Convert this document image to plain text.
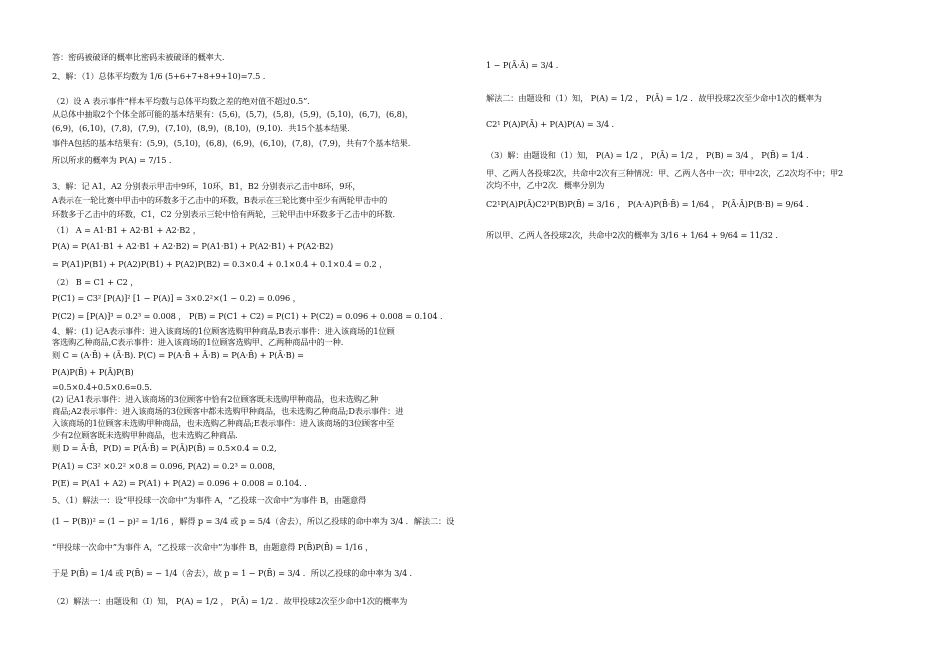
答：密码被破译的概率比密码未被破译的概率大.
2、解：（1）总体平均数为 1/6 (5+6+7+8+9+10)=7.5 .
（2）设 A 表示事件“样本平均数与总体平均数之差的绝对值不超过0.5”．
从总体中抽取2个个体全部可能的基本结果有：(5,6)，(5,7)，(5,8)，(5,9)，(5,10)，(6,7)，(6,8)，
(6,9)，(6,10)，(7,8)，(7,9)，(7,10)，(8,9)，(8,10)，(9,10)．共15个基本结果.
事件A包括的基本结果有：(5,9)，(5,10)，(6,8)，(6,9)，(6,10)，(7,8)，(7,9)，共有7个基本结果.
所以所求的概率为 P(A) = 7/15 .
3、解：记 A1，A2 分别表示甲击中9环，10环，B1，B2 分别表示乙击中8环，9环，
A表示在一轮比赛中甲击中的环数多于乙击中的环数，B表示在三轮比赛中至少有两轮甲击中的
环数多于乙击中的环数，C1，C2 分别表示三轮中恰有两轮，三轮甲击中环数多于乙击中的环数.
（1） A = A1·B1 + A2·B1 + A2·B2 ，
P(A) = P(A1·B1 + A2·B1 + A2·B2) = P(A1·B1) + P(A2·B1) + P(A2·B2)
= P(A1)P(B1) + P(A2)P(B1) + P(A2)P(B2) = 0.3×0.4 + 0.1×0.4 + 0.1×0.4 = 0.2 ，
（2） B = C1 + C2 ，
P(C1) = C3² [P(A)]² [1 − P(A)] = 3×0.2²×(1 − 0.2) = 0.096 ，
P(C2) = [P(A)]³ = 0.2³ = 0.008 ， P(B) = P(C1 + C2) = P(C1) + P(C2) = 0.096 + 0.008 = 0.104 ．
4、解：(1) 记A表示事件：进入该商场的1位顾客选购甲种商品,B表示事件：进入该商场的1位顾
客选购乙种商品,C表示事件：进入该商场的1位顾客选购甲、乙两种商品中的一种.
则 C = (A·B̄) + (Ā·B). P(C) = P(A·B̄ + Ā·B) = P(A·B̄) + P(Ā·B) =
P(A)P(B̄) + P(Ā)P(B)
=0.5×0.4+0.5×0.6=0.5.
(2) 记A1表示事件：进入该商场的3位顾客中恰有2位顾客既未选购甲种商品，也未选购乙种
商品;A2表示事件：进入该商场的3位顾客中都未选购甲种商品，也未选购乙种商品;D表示事件：进
入该商场的1位顾客未选购甲种商品，也未选购乙种商品;E表示事件：进入该商场的3位顾客中至
少有2位顾客既未选购甲种商品，也未选购乙种商品.
则 D = Ā·B̄，P(D) = P(Ā·B̄) = P(Ā)P(B̄) = 0.5×0.4 = 0.2,
P(A1) = C3² ×0.2² ×0.8 = 0.096, P(A2) = 0.2³ = 0.008,
P(E) = P(A1 + A2) = P(A1) + P(A2) = 0.096 + 0.008 = 0.104. .
5、（1）解法一：设“甲投球一次命中”为事件 A，“乙投球一次命中”为事件 B，由题意得
(1 − P(B))² = (1 − p)² = 1/16 ，解得 p = 3/4 或 p = 5/4（舍去），所以乙投球的命中率为 3/4 ．解法二：设
“甲投球一次命中”为事件 A，“乙投球一次命中”为事件 B，由题意得 P(B̄)P(B̄) = 1/16 ，
于是 P(B̄) = 1/4 或 P(B̄) = − 1/4（舍去），故 p = 1 − P(B̄) = 3/4 ．所以乙投球的命中率为 3/4 ．
（2）解法一：由题设和（Ⅰ）知， P(A) = 1/2 ， P(Ā) = 1/2 ．故甲投球2次至少命中1次的概率为
1 − P(Ā·Ā) = 3/4 .
解法二：由题设和（1）知， P(A) = 1/2 ， P(Ā) = 1/2 ．故甲投球2次至少命中1次的概率为
C2¹ P(A)P(Ā) + P(A)P(A) = 3/4 .
（3）解：由题设和（1）知， P(A) = 1/2 ， P(Ā) = 1/2 ， P(B) = 3/4 ， P(B̄) = 1/4 ．
甲、乙两人各投球2次，共命中2次有三种情况：甲、乙两人各中一次；甲中2次，乙2次均不中；甲2
次均不中，乙中2次．概率分别为
C2¹P(A)P(Ā)C2¹P(B)P(B̄) = 3/16 ， P(A·A)P(B̄·B̄) = 1/64 ， P(Ā·Ā)P(B·B) = 9/64 ．
所以甲、乙两人各投球2次，共命中2次的概率为 3/16 + 1/64 + 9/64 = 11/32 ．
